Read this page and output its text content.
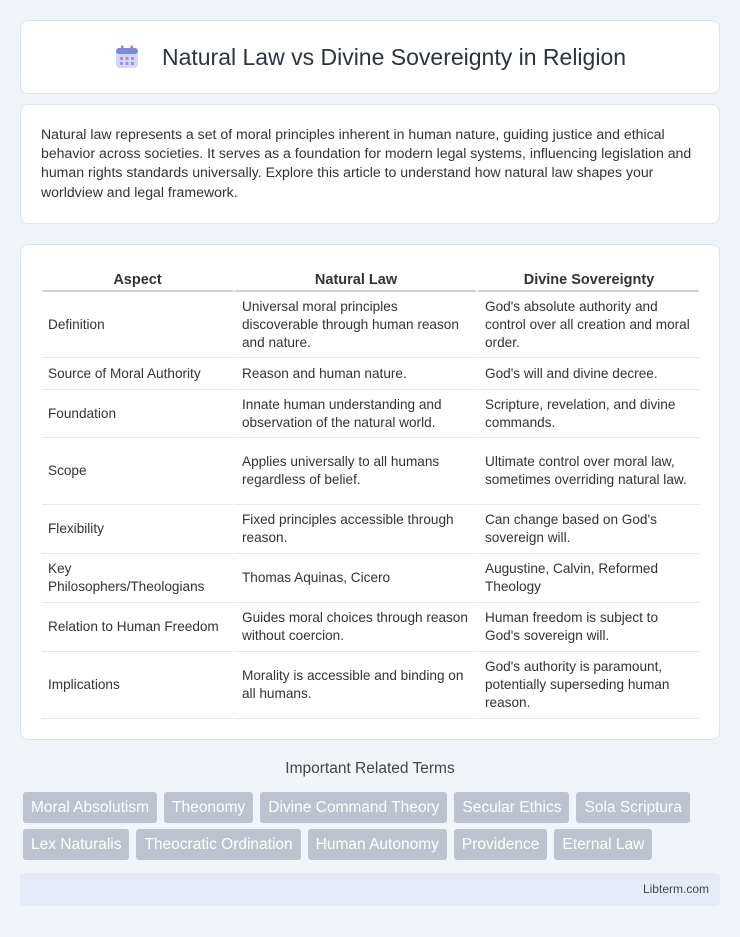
Natural Law vs Divine Sovereignty in Religion

Natural law represents a set of moral principles inherent in human nature, guiding justice and ethical behavior across societies. It serves as a foundation for modern legal systems, influencing legislation and human rights standards universally. Explore this article to understand how natural law shapes your worldview and legal framework.

Aspect	Natural Law	Divine Sovereignty
Definition	Universal moral principles discoverable through human reason and nature.	God's absolute authority and control over all creation and moral order.
Source of Moral Authority	Reason and human nature.	God's will and divine decree.
Foundation	Innate human understanding and observation of the natural world.	Scripture, revelation, and divine commands.
Scope	Applies universally to all humans regardless of belief.	Ultimate control over moral law, sometimes overriding natural law.
Flexibility	Fixed principles accessible through reason.	Can change based on God's sovereign will.
Key Philosophers/Theologians	Thomas Aquinas, Cicero	Augustine, Calvin, Reformed Theology
Relation to Human Freedom	Guides moral choices through reason without coercion.	Human freedom is subject to God's sovereign will.
Implications	Morality is accessible and binding on all humans.	God's authority is paramount, potentially superseding human reason.
Important Related Terms
Moral Absolutism	Theonomy	Divine Command Theory	Secular Ethics	Sola Scriptura
Lex Naturalis	Theocratic Ordination	Human Autonomy	Providence	Eternal Law
Libterm.com
